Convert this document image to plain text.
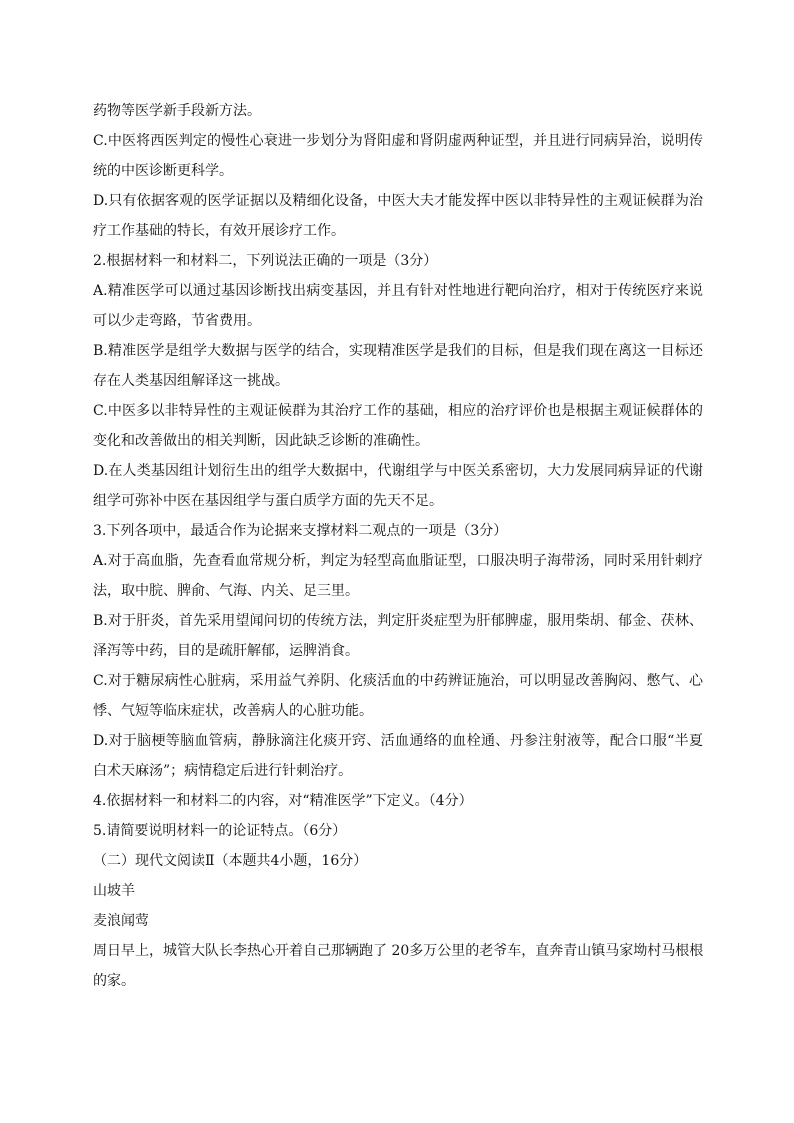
药物等医学新手段新方法。
C.中医将西医判定的慢性心衰进一步划分为肾阳虚和肾阴虚两种证型，并且进行同病异治，说明传
统的中医诊断更科学。
D.只有依据客观的医学证据以及精细化设备，中医大夫才能发挥中医以非特异性的主观证候群为治
疗工作基础的特长，有效开展诊疗工作。
2.根据材料一和材料二，下列说法正确的一项是（3分）
A.精准医学可以通过基因诊断找出病变基因，并且有针对性地进行靶向治疗，相对于传统医疗来说
可以少走弯路，节省费用。
B.精准医学是组学大数据与医学的结合，实现精准医学是我们的目标，但是我们现在离这一目标还
存在人类基因组解译这一挑战。
C.中医多以非特异性的主观证候群为其治疗工作的基础，相应的治疗评价也是根据主观证候群体的
变化和改善做出的相关判断，因此缺乏诊断的准确性。
D.在人类基因组计划衍生出的组学大数据中，代谢组学与中医关系密切，大力发展同病异证的代谢
组学可弥补中医在基因组学与蛋白质学方面的先天不足。
3.下列各项中，最适合作为论据来支撑材料二观点的一项是（3分）
A.对于高血脂，先查看血常规分析，判定为轻型高血脂证型，口服决明子海带汤，同时采用针刺疗
法，取中脘、脾俞、气海、内关、足三里。
B.对于肝炎，首先采用望闻问切的传统方法，判定肝炎症型为肝郁脾虚，服用柴胡、郁金、茯林、
泽泻等中药，目的是疏肝解郁，运脾消食。
C.对于糖尿病性心脏病，采用益气养阴、化痰活血的中药辨证施治，可以明显改善胸闷、憋气、心
悸、气短等临床症状，改善病人的心脏功能。
D.对于脑梗等脑血管病，静脉滴注化痰开窍、活血通络的血栓通、丹参注射液等，配合口服“半夏
白术天麻汤”；病情稳定后进行针刺治疗。
4.依据材料一和材料二的内容，对“精准医学”下定义。（4分）
5.请简要说明材料一的论证特点。（6分）
（二）现代文阅读Ⅱ（本题共4小题，16分）
山坡羊
麦浪闻莺
周日早上，城管大队长李热心开着自己那辆跑了 20多万公里的老爷车，直奔青山镇马家坳村马根根
的家。
